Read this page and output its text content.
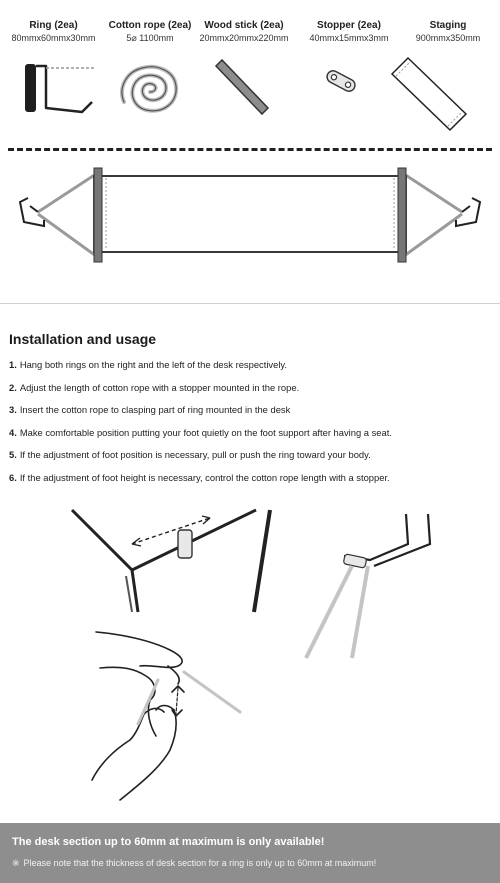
Ring (2ea)
80mmx60mmx30mm
Cotton rope (2ea)
5⌀ 1100mm
Wood stick (2ea)
20mmx20mmx220mm
Stopper (2ea)
40mmx15mmx3mm
Staging
900mmx350mm
Installation and usage
1. Hang both rings on the right and the left of the desk respectively.
2. Adjust the length of cotton rope with a stopper mounted in the rope.
3. Insert the cotton rope to clasping part of ring mounted in the desk
4. Make comfortable position putting your foot quietly on the foot support after having a seat.
5. If the adjustment of foot position is necessary, pull or push the ring toward your body.
6. If the adjustment of foot height is necessary, control the cotton rope length with a stopper.
The desk section up to 60mm at maximum is only available!
※ Please note that the thickness of desk section for a ring is only up to 60mm at maximum!
